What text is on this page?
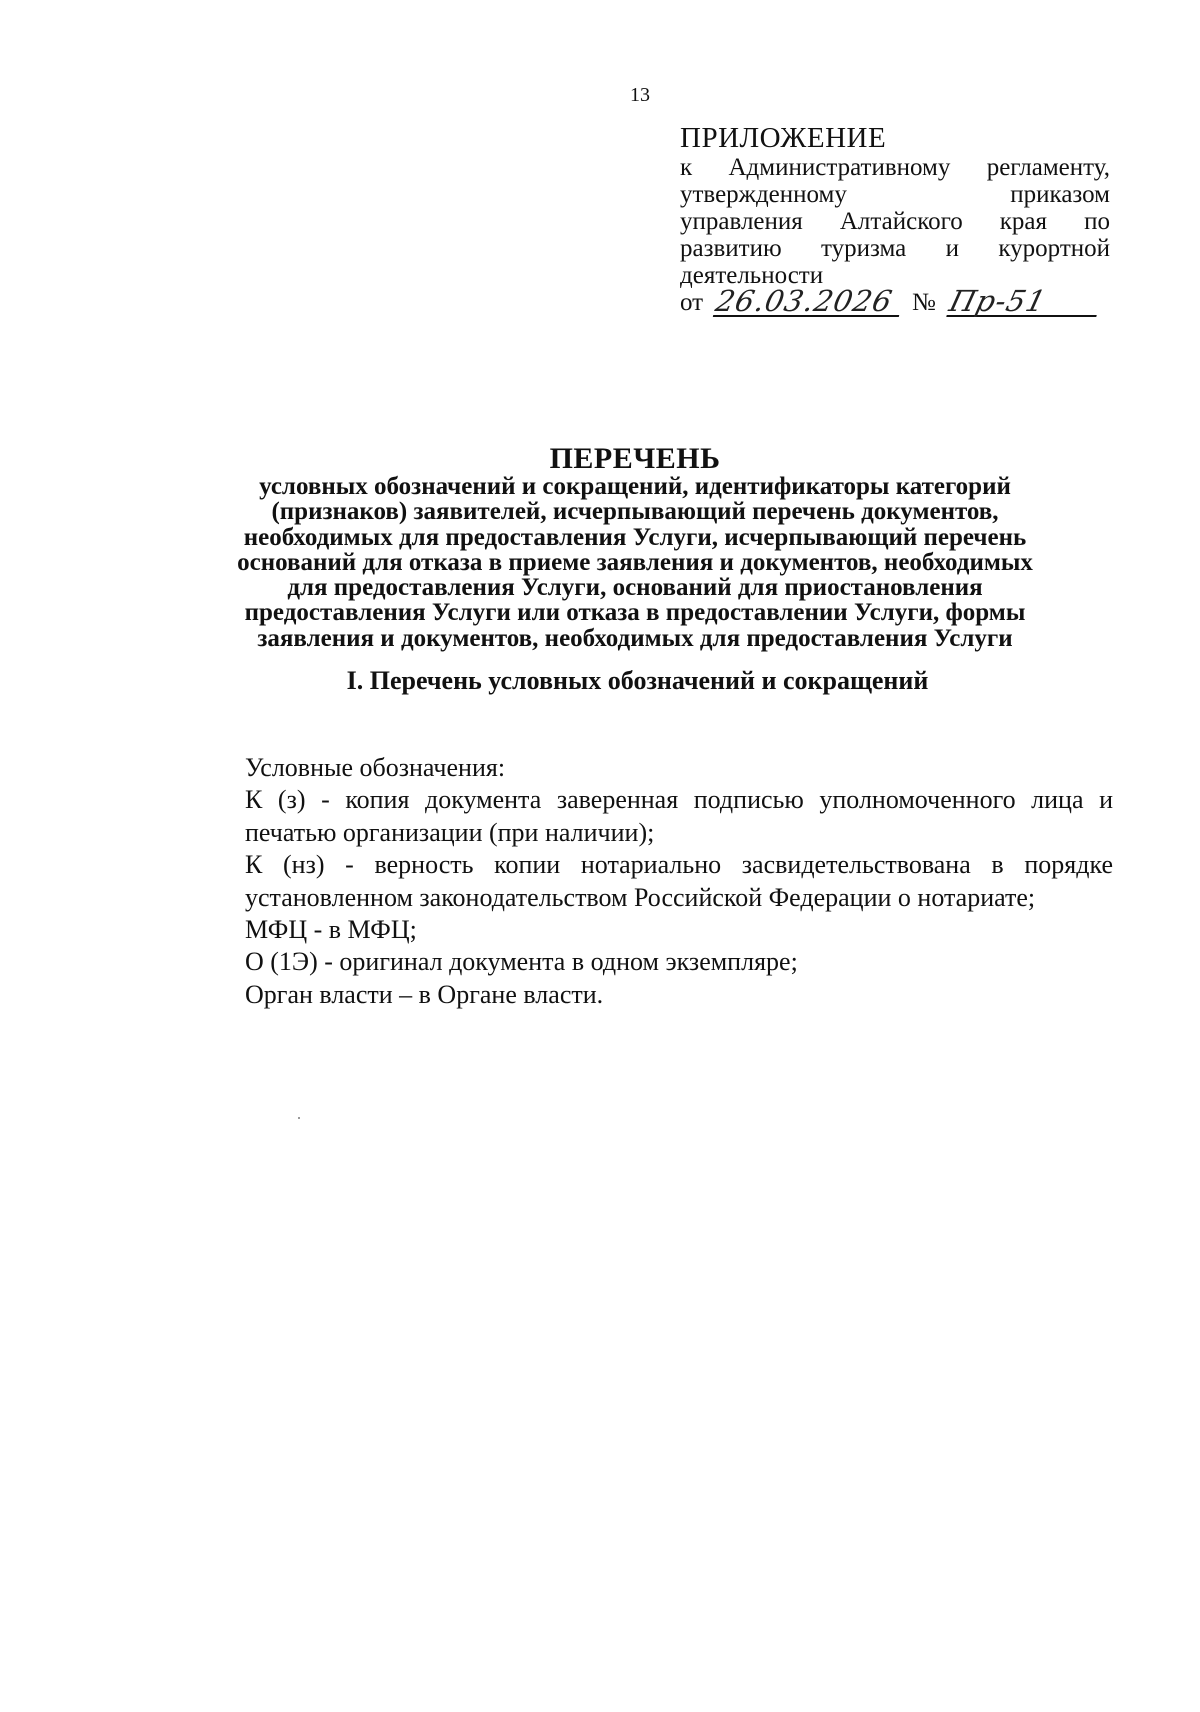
13
ПРИЛОЖЕНИЕ
к Административному регламенту,
утвержденному приказом
управления Алтайского края по
развитию туризма и курортной
деятельности
от 26.03.2026 № Пр-51
ПЕРЕЧЕНЬ
условных обозначений и сокращений, идентификаторы категорий
(признаков) заявителей, исчерпывающий перечень документов,
необходимых для предоставления Услуги, исчерпывающий перечень
оснований для отказа в приеме заявления и документов, необходимых
для предоставления Услуги, оснований для приостановления
предоставления Услуги или отказа в предоставлении Услуги, формы
заявления и документов, необходимых для предоставления Услуги
I. Перечень условных обозначений и сокращений
Условные обозначения:
К (з) - копия документа заверенная подписью уполномоченного лица и
печатью организации (при наличии);
К (нз) - верность копии нотариально засвидетельствована в порядке
установленном законодательством Российской Федерации о нотариате;
МФЦ - в МФЦ;
О (1Э) - оригинал документа в одном экземпляре;
Орган власти – в Органе власти.
